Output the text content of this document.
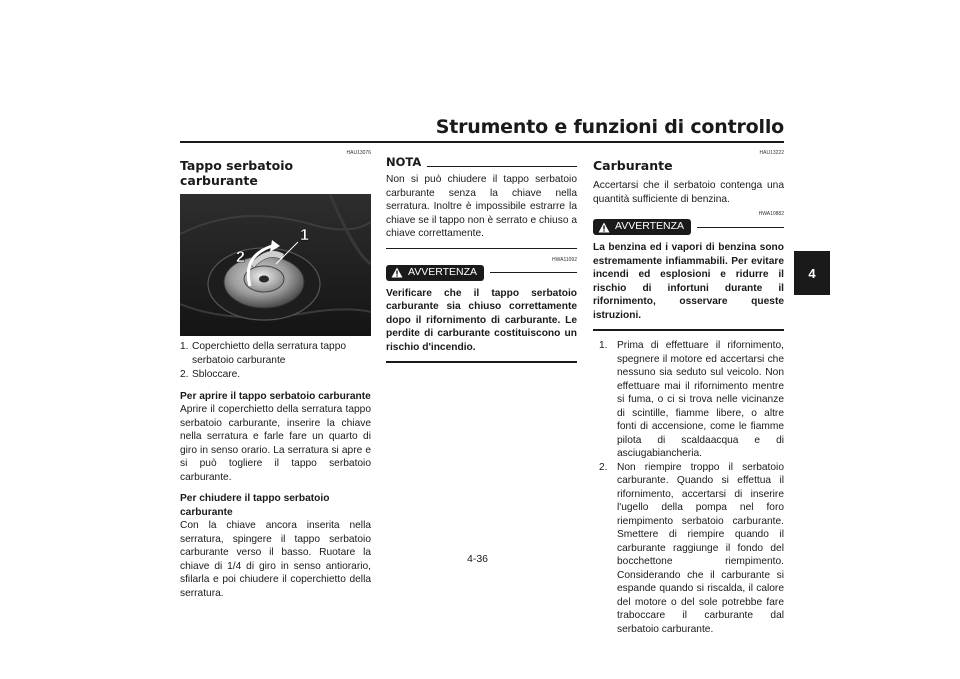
Strumento e funzioni di controllo
4
HAU13076
Tappo serbatoio carburante
1
2
1. Coperchietto della serratura tappo serbatoio carburante
2. Sbloccare.
Per aprire il tappo serbatoio carburante

Aprire il coperchietto della serratura tappo serbatoio carburante, inserire la chiave nella serratura e farle fare un quarto di giro in senso orario. La serratura si apre e si può togliere il tappo serbatoio carburante.

Per chiudere il tappo serbatoio carburante

Con la chiave ancora inserita nella serratura, spingere il tappo serbatoio carburante verso il basso. Ruotare la chiave di 1/4 di giro in senso antiorario, sfilarla e poi chiudere il coperchietto della serratura.

NOTA

Non si può chiudere il tappo serbatoio carburante senza la chiave nella serratura. Inoltre è impossibile estrarre la chiave se il tappo non è serrato e chiuso a chiave correttamente.

HWA11092
AVVERTENZA

Verificare che il tappo serbatoio carburante sia chiuso correttamente dopo il rifornimento di carburante. Le perdite di carburante costituiscono un rischio d'incendio.

HAU13222
Carburante

Accertarsi che il serbatoio contenga una quantità sufficiente di benzina.

HWA10882
AVVERTENZA

La benzina ed i vapori di benzina sono estremamente infiammabili. Per evitare incendi ed esplosioni e ridurre il rischio di infortuni durante il rifornimento, osservare queste istruzioni.

1. Prima di effettuare il rifornimento, spegnere il motore ed accertarsi che nessuno sia seduto sul veicolo. Non effettuare mai il rifornimento mentre si fuma, o ci si trova nelle vicinanze di scintille, fiamme libere, o altre fonti di accensione, come le fiamme pilota di scaldaacqua e di asciugabiancheria.
2. Non riempire troppo il serbatoio carburante. Quando si effettua il rifornimento, accertarsi di inserire l'ugello della pompa nel foro riempimento serbatoio carburante. Smettere di riempire quando il carburante raggiunge il fondo del bocchettone riempimento. Considerando che il carburante si espande quando si riscalda, il calore del motore o del sole potrebbe fare traboccare il carburante dal serbatoio carburante.
4-36
